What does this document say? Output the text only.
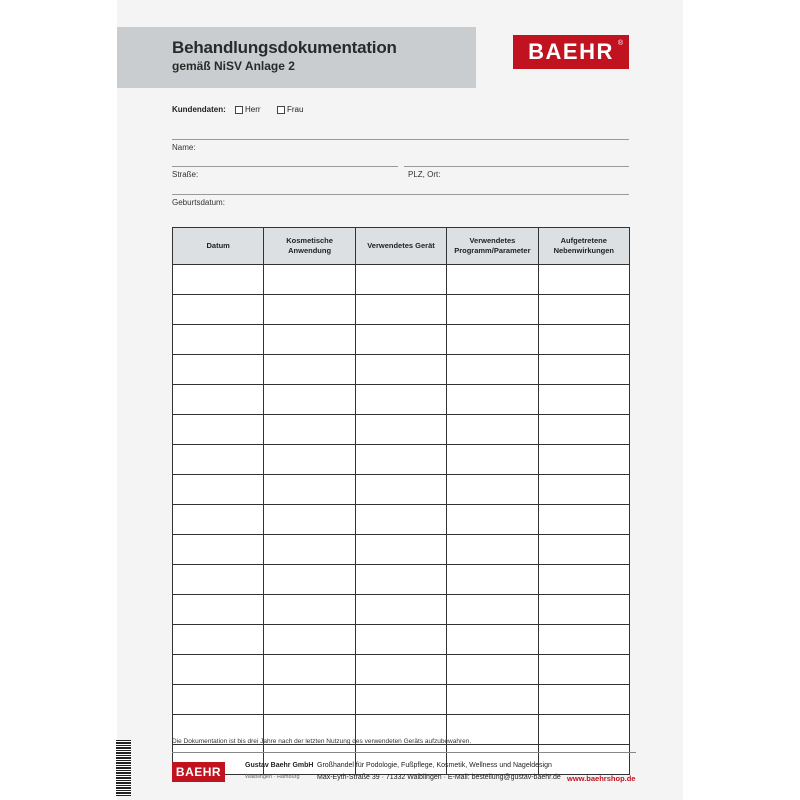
Behandlungsdokumentation
gemäß NiSV Anlage 2
BAEHR ®
Kundendaten: Herr	Frau
Name:
Straße:	PLZ, Ort:
Geburtsdatum:
Datum	Kosmetische Anwendung	Verwendetes Gerät	Verwendetes Programm/Parameter	Aufgetretene Nebenwirkungen

Die Dokumentation ist bis drei Jahre nach der letzten Nutzung des verwendeten Geräts aufzubewahren.
BAEHR	Gustav Baehr GmbH
Waiblingen · Hamburg
Großhandel für Podologie, Fußpflege, Kosmetik, Wellness und Nageldesign
Max-Eyth-Straße 39 · 71332 Waiblingen · E-Mail: bestellung@gustav-baehr.de www.baehrshop.de
